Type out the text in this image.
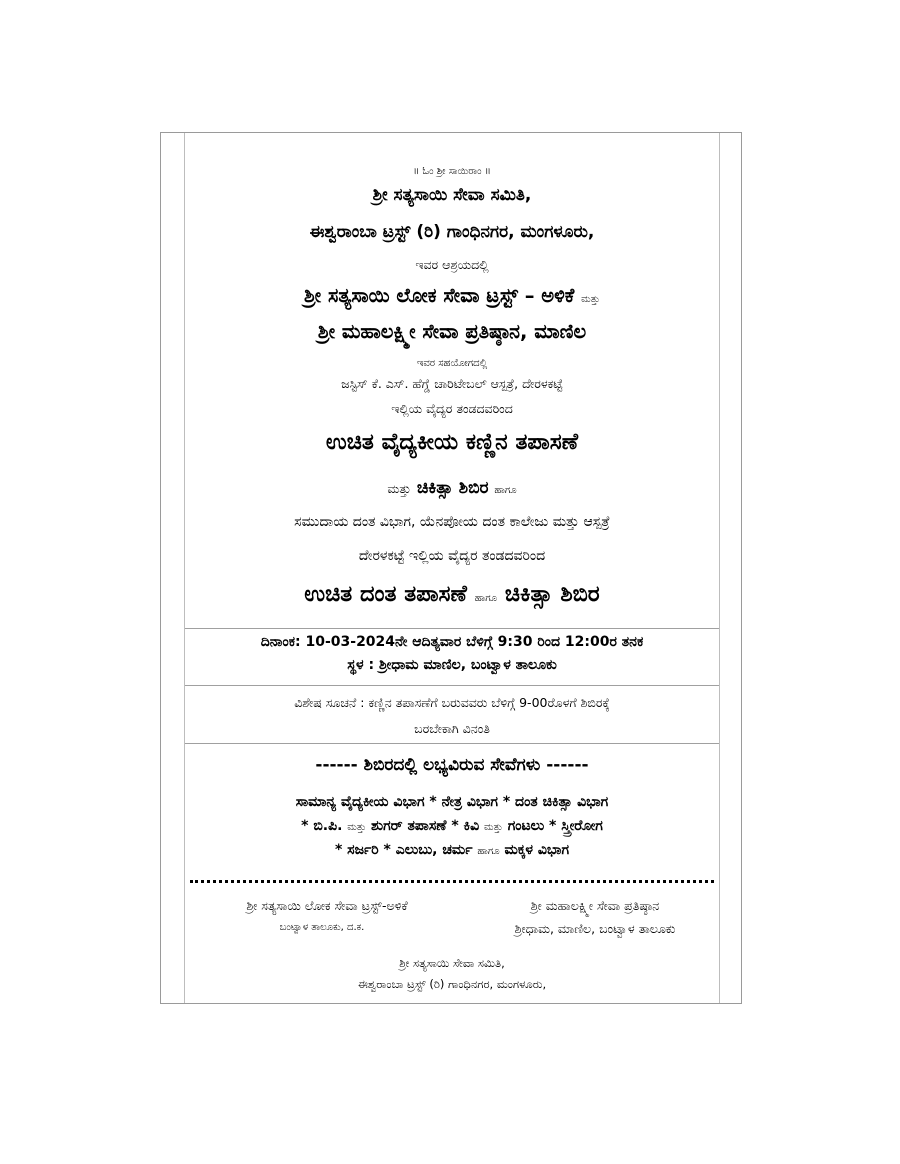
॥ ಓಂ ಶ್ರೀ ಸಾಯಿರಾಂ ॥
ಶ್ರೀ ಸತ್ಯಸಾಯಿ ಸೇವಾ ಸಮಿತಿ,
ಈಶ್ವರಾಂಬಾ ಟ್ರಸ್ಟ್ (ರಿ) ಗಾಂಧಿನಗರ, ಮಂಗಳೂರು,
ಇವರ ಆಶ್ರಯದಲ್ಲಿ
ಶ್ರೀ ಸತ್ಯಸಾಯಿ ಲೋಕ ಸೇವಾ ಟ್ರಸ್ಟ್ – ಅಳಿಕೆ ಮತ್ತು
ಶ್ರೀ ಮಹಾಲಕ್ಷ್ಮೀ ಸೇವಾ ಪ್ರತಿಷ್ಠಾನ, ಮಾಣಿಲ
ಇವರ ಸಹಯೋಗದಲ್ಲಿ
ಜಸ್ಟಿಸ್ ಕೆ. ಎಸ್. ಹೆಗ್ಡೆ ಚಾರಿಟೇಬಲ್ ಆಸ್ಪತ್ರೆ, ದೇರಳಕಟ್ಟೆ
ಇಲ್ಲಿಯ ವೈದ್ಯರ ತಂಡದವರಿಂದ
ಉಚಿತ ವೈದ್ಯಕೀಯ ಕಣ್ಣಿನ ತಪಾಸಣೆ
ಮತ್ತು ಚಿಕಿತ್ಸಾ ಶಿಬಿರ ಹಾಗೂ
ಸಮುದಾಯ ದಂತ ವಿಭಾಗ, ಯೆನಪೋಯ ದಂತ ಕಾಲೇಜು ಮತ್ತು ಆಸ್ಪತ್ರೆ
ದೇರಳಕಟ್ಟೆ ಇಲ್ಲಿಯ ವೈದ್ಯರ ತಂಡದವರಿಂದ
ಉಚಿತ ದಂತ ತಪಾಸಣೆ ಹಾಗೂ ಚಿಕಿತ್ಸಾ ಶಿಬಿರ
ದಿನಾಂಕ: 10-03-2024ನೇ ಆದಿತ್ಯವಾರ ಬೆಳಿಗ್ಗೆ 9:30 ರಿಂದ 12:00ರ ತನಕ
ಸ್ಥಳ : ಶ್ರೀಧಾಮ ಮಾಣಿಲ, ಬಂಟ್ವಾಳ ತಾಲೂಕು
ವಿಶೇಷ ಸೂಚನೆ : ಕಣ್ಣಿನ ತಪಾಸಣೆಗೆ ಬರುವವರು ಬೆಳಿಗ್ಗೆ 9-00ರೊಳಗೆ ಶಿಬಿರಕ್ಕೆ
ಬರಬೇಕಾಗಿ ವಿನಂತಿ
------ ಶಿಬಿರದಲ್ಲಿ ಲಭ್ಯವಿರುವ ಸೇವೆಗಳು ------
ಸಾಮಾನ್ಯ ವೈದ್ಯಕೀಯ ವಿಭಾಗ * ನೇತ್ರ ವಿಭಾಗ * ದಂತ ಚಿಕಿತ್ಸಾ ವಿಭಾಗ
* ಬಿ.ಪಿ. ಮತ್ತು ಶುಗರ್ ತಪಾಸಣೆ * ಕಿವಿ ಮತ್ತು ಗಂಟಲು * ಸ್ತ್ರೀರೋಗ
* ಸರ್ಜರಿ * ಎಲುಬು, ಚರ್ಮ ಹಾಗೂ ಮಕ್ಕಳ ವಿಭಾಗ
ಶ್ರೀ ಸತ್ಯಸಾಯಿ ಲೋಕ ಸೇವಾ ಟ್ರಸ್ಟ್-ಅಳಿಕೆ
ಬಂಟ್ವಾಳ ತಾಲೂಕು, ದ.ಕ.
ಶ್ರೀ ಮಹಾಲಕ್ಷ್ಮೀ ಸೇವಾ ಪ್ರತಿಷ್ಠಾನ
ಶ್ರೀಧಾಮ, ಮಾಣಿಲ, ಬಂಟ್ವಾಳ ತಾಲೂಕು
ಶ್ರೀ ಸತ್ಯಸಾಯಿ ಸೇವಾ ಸಮಿತಿ,
ಈಶ್ವರಾಂಬಾ ಟ್ರಸ್ಟ್ (ರಿ) ಗಾಂಧಿನಗರ, ಮಂಗಳೂರು,
